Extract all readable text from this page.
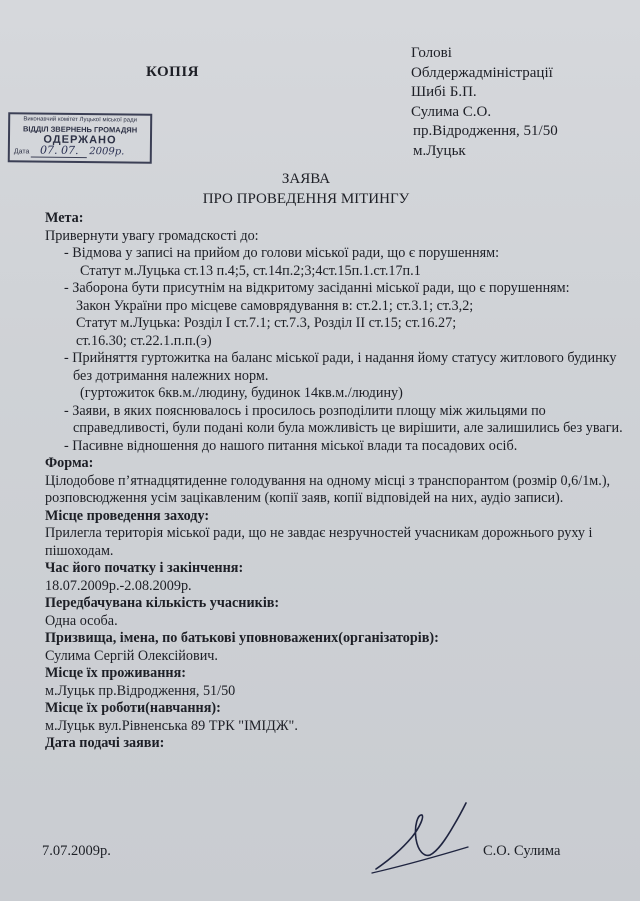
КОПІЯ
Голові
Облдержадміністрації
Шибі Б.П.
Сулима С.О.
пр.Відродження, 51/50
м.Луцьк
Виконавчий комітет Луцької міської ради
ВІДДІЛ ЗВЕРНЕНЬ ГРОМАДЯН
ОДЕРЖАНО
Дата 07. 07. 2009р.
ЗАЯВА
ПРО ПРОВЕДЕННЯ МІТИНГУ

Мета:

Привернути увагу громадскості до:

- Відмова у записі на прийом до голови міської ради, що є порушенням:

Статут м.Луцька ст.13 п.4;5, ст.14п.2;3;4ст.15п.1.ст.17п.1

- Заборона бути присутнім на відкритому засіданні міської ради, що є порушенням:

Закон України про місцеве самоврядування в: ст.2.1; ст.3.1; ст.3,2;

Статут м.Луцька: Розділ І ст.7.1; ст.7.3, Розділ ІІ ст.15; ст.16.27;

ст.16.30; ст.22.1.п.п.(э)

- Прийняття гуртожитка на баланс міської ради, і надання йому статусу житлового будинку без дотримання належних норм.

(гуртожиток 6кв.м./людину, будинок 14кв.м./людину)

- Заяви, в яких пояснювалось і просилось розподілити площу між жильцями по справедливості, були подані коли була можливість це вирішити, але залишились без уваги.

- Пасивне відношення до нашого питання міської влади та посадових осіб.

Форма:

Цілодобове п’ятнадцятиденне голодування на одному місці з транспорантом (розмір 0,6/1м.), розповсюдження усім зацікавленим (копії заяв, копії відповідей на них, аудіо записи).

Місце проведення заходу:

Прилегла територія міської ради, що не завдає незручностей учасникам дорожнього руху і пішоходам.

Час його початку і закінчення:

18.07.2009р.-2.08.2009р.

Передбачувана кількість учасників:

Одна особа.

Призвища, імена, по батькові уповноважених(організаторів):

Сулима Сергій Олексійович.

Місце їх проживання:

м.Луцьк пр.Відродження, 51/50

Місце їх роботи(навчання):

м.Луцьк вул.Рівненська 89 ТРК "ІМІДЖ".

Дата подачі заяви:

7.07.2009р.	С.О. Сулима
